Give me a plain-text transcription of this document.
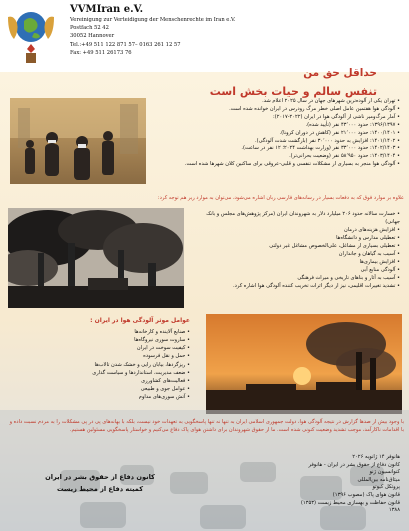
VVMIran e.V.
Vereinigung zur Verteidigung der Menschenrechte im Iran e.V.
Postfach 52 42
30052 Hannover
Tel.:+49 511 122 871 57– 0163 261 12 57
Fax: +49 511 26173 76
حداقل حق من
تنفس سالم و حیات بخش است
• تهران یکی از آلوده‌ترین شهرهای جهان در سال ۲۰۲۵ اعلام شد.
• آلودگی هوا هفتمین عامل اصلی خطر مرگ زودرس در ایران خوانده شده است.
• آمار مرگ‌ومیر ناشی از آلودگی هوا در ایران (۲۰۲۲-۲۰۱۷):
• ۱۳۹۶/۱۳۹۷: حدود ۴۳٬۰۰۰ نفر (تأیید شده).
• ۱۴۰۰/۱۴۰۱: حدود ۲۱٬۰۰۰ نفر (کاهش در دوران کرونا).
• ۱۴۰۱/۱۴۰۲: افزایش به حدود ۳۰٬۰۰۰ نفر (بازگشت شدت آلودگی).
• ۱۴۰۲/۱۴۰۳: حدود ۳۳٬۰۰۰ نفر (وزارت بهداشت ۲۰۲۴؛ ۱۲ نفر در ساعت).
• ۱۴۰۳/۱۴۰۴: حدود ۵۸٬۹۵۰ نفر (وضعیت بحرانی‌تر).
• آلودگی هوا منجر به بسیاری از مشکلات تنفسی و قلبی-عروقی برای ساکنین کلان شهرها شده است.
علاوه بر موارد فوق که به دفعات بسیار در رسانه‌های فارسی زبان اشاره می‌شود، می‌توان به موارد زیر هم توجه کرد:
• خسارت سالانه حدود ۲۰۶ میلیارد دلار به شهروندان ایران (مرکز پژوهش‌های مجلس و بانک جهانی)
• افزایش هزینه‌های درمان
• تعطیلی مدارس و دانشگاه‌ها
• تعطیلی بسیاری از مشاغل، علی‌الخصوص مشاغل غیر دولتی
• آسیب به گیاهان و جانداران
• افزایش بیماری‌ها
• آلودگی منابع آبی
• آسیب به آثار و بناهای تاریخی و میراث فرهنگی
• تشدید تغییرات اقلیمی، نیز از دیگر اثرات تخریب کننده آلودگی هوا اشاره کرد.
عوامل موثر آلودگی هوا در ایران :
• صنایع آلاینده و کارخانه‌ها
• سازوت سوزی نیروگاه‌ها
• کیفیت سوخت در ایران
• حمل و نقل فرسوده
• ریزگردها، بیابان زایی و خشک شدن تالاب‌ها
• ضعف مدیریت، استانداردها و سیاست گذاری
• فعالیت‌های کشاورزی
• عوامل جوی و طبیعی
• آتش سوزی‌های مداوم
با وجود بیش از صدها گزارش در نتیجه آلودگی هوا، دولت جمهوری اسلامی ایران به تنها نه تنها پاسخگویی به تعهدات خود نیست، بلکه با بهانه‌های پی در پی مشکلات را به مردم نسبت داده و با اقدامات ناکارآمد، موجب تشدید وضعیت کنونی شده است. ما از حقوق شهروندان برای داشتن هوای پاک دفاع می‌کنیم و خواستار پاسخگویی مسئولین هستیم.
هانوفر ۱۴ ژانویه ۲۰۲۶
کانون دفاع از حقوق بشر در ایران - هانوفر
کنوانسیون ژنو
میثاق‌نامه بین‌المللی
پروتکل کیوتو
قانون هوای پاک (مصوب ۱۳۹۶)
قانون حفاظت و بهسازی محیط زیست (۱۳۵۳)
۱۳۸۸
کانون دفاع از حقوق بشر در ایران
کمیته دفاع از محیط زیست
